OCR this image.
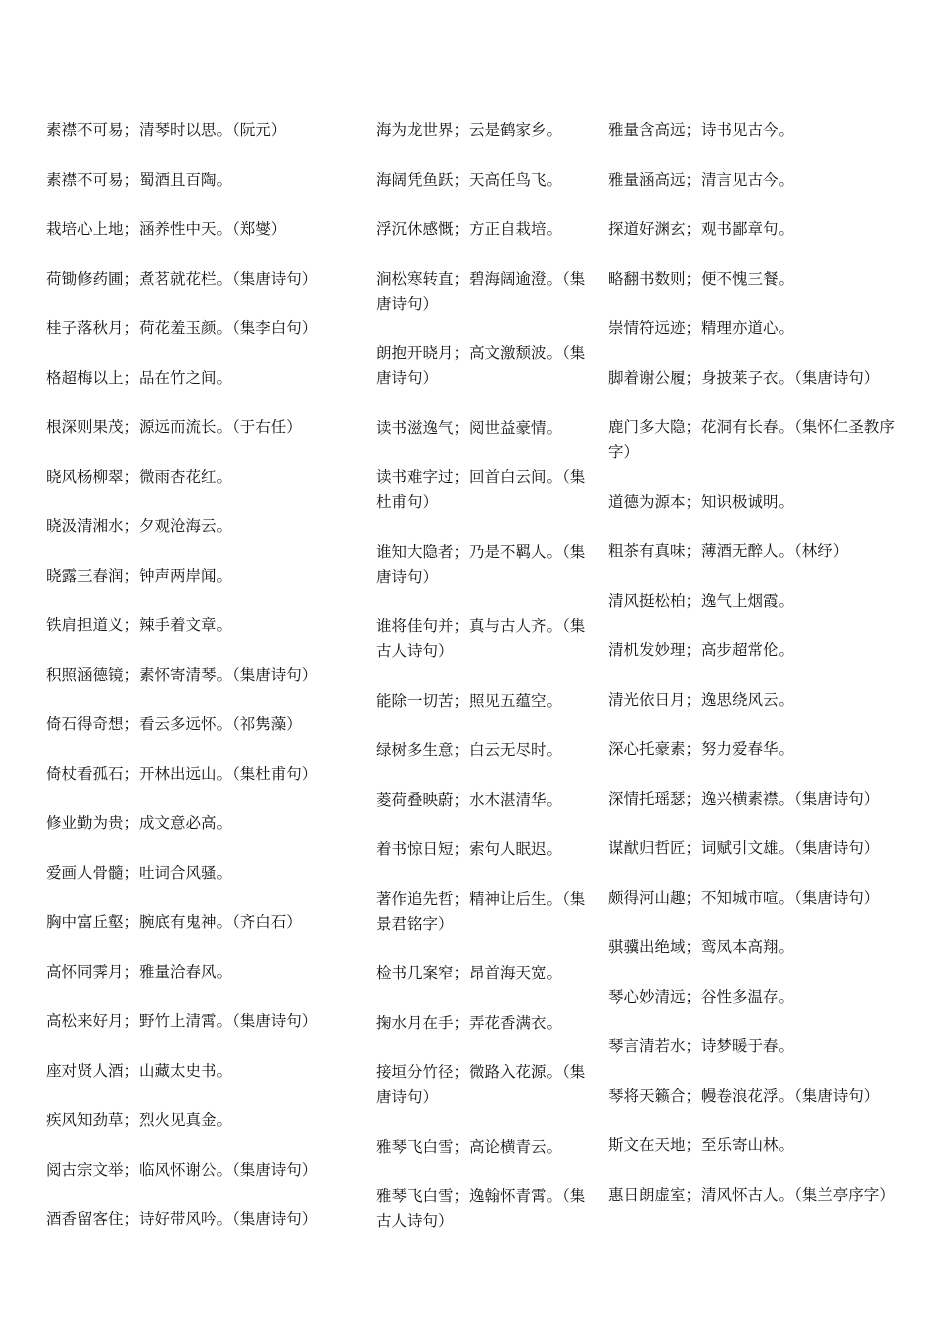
素襟不可易；清琴时以思。（阮元）
素襟不可易；蜀酒且百陶。
栽培心上地；涵养性中天。（郑燮）
荷锄修药圃；煮茗就花栏。（集唐诗句）
桂子落秋月；荷花羞玉颜。（集李白句）
格超梅以上；品在竹之间。
根深则果茂；源远而流长。（于右任）
晓风杨柳翠；微雨杏花红。
晓汲清湘水；夕观沧海云。
晓露三春润；钟声两岸闻。
铁肩担道义；辣手着文章。
积照涵德镜；素怀寄清琴。（集唐诗句）
倚石得奇想；看云多远怀。（祁隽藻）
倚杖看孤石；开林出远山。（集杜甫句）
修业勤为贵；成文意必高。
爱画人骨髓；吐词合风骚。
胸中富丘壑；腕底有鬼神。（齐白石）
高怀同霁月；雅量洽春风。
高松来好月；野竹上清霄。（集唐诗句）
座对贤人酒；山藏太史书。
疾风知劲草；烈火见真金。
阅古宗文举；临风怀谢公。（集唐诗句）
酒香留客住；诗好带风吟。（集唐诗句）
海为龙世界；云是鹤家乡。
海阔凭鱼跃；天高任鸟飞。
浮沉休感慨；方正自栽培。
涧松寒转直；碧海阔逾澄。（集唐诗句）
朗抱开晓月；高文激颓波。（集唐诗句）
读书滋逸气；阅世益豪情。
读书难字过；回首白云间。（集杜甫句）
谁知大隐者；乃是不羁人。（集唐诗句）
谁将佳句并；真与古人齐。（集古人诗句）
能除一切苦；照见五蕴空。
绿树多生意；白云无尽时。
菱荷叠映蔚；水木湛清华。
着书惊日短；索句人眠迟。
著作追先哲；精神让后生。（集景君铭字）
检书几案窄；昂首海天宽。
掬水月在手；弄花香满衣。
接垣分竹径；微路入花源。（集唐诗句）
雅琴飞白雪；高论横青云。
雅琴飞白雪；逸翰怀青霄。（集古人诗句）
雅量含高远；诗书见古今。
雅量涵高远；清言见古今。
探道好渊玄；观书鄙章句。
略翻书数则；便不愧三餐。
崇情符远迹；精理亦道心。
脚着谢公履；身披莱子衣。（集唐诗句）
鹿门多大隐；花洞有长春。（集怀仁圣教序字）
道德为源本；知识极诚明。
粗茶有真味；薄酒无醉人。（林纾）
清风挺松柏；逸气上烟霞。
清机发妙理；高步超常伦。
清光依日月；逸思绕风云。
深心托豪素；努力爱春华。
深情托瑶瑟；逸兴横素襟。（集唐诗句）
谋猷归哲匠；词赋引文雄。（集唐诗句）
颇得河山趣；不知城市喧。（集唐诗句）
骐骥出绝域；鸾凤本高翔。
琴心妙清远；谷性多温存。
琴言清若水；诗梦暖于春。
琴将天籁合；幔卷浪花浮。（集唐诗句）
斯文在天地；至乐寄山林。
惠日朗虚室；清风怀古人。（集兰亭序字）
